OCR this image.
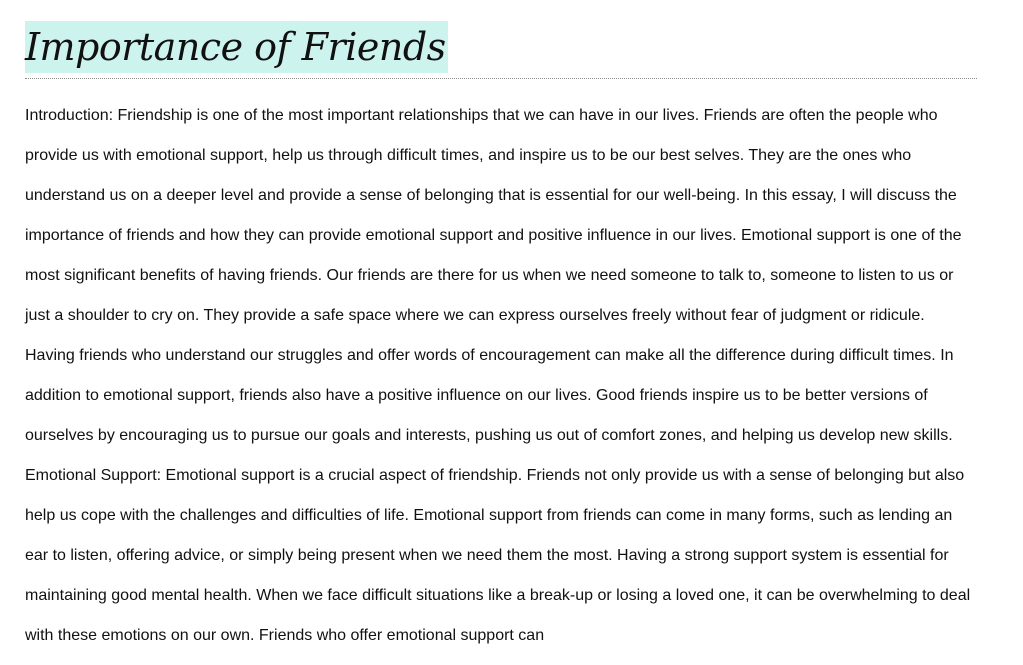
Importance of Friends

Introduction: Friendship is one of the most important relationships that we can have in our lives. Friends are often the people who provide us with emotional support, help us through difficult times, and inspire us to be our best selves. They are the ones who understand us on a deeper level and provide a sense of belonging that is essential for our well-being. In this essay, I will discuss the importance of friends and how they can provide emotional support and positive influence in our lives. Emotional support is one of the most significant benefits of having friends. Our friends are there for us when we need someone to talk to, someone to listen to us or just a shoulder to cry on. They provide a safe space where we can express ourselves freely without fear of judgment or ridicule. Having friends who understand our struggles and offer words of encouragement can make all the difference during difficult times. In addition to emotional support, friends also have a positive influence on our lives. Good friends inspire us to be better versions of ourselves by encouraging us to pursue our goals and interests, pushing us out of comfort zones, and helping us develop new skills. Emotional Support: Emotional support is a crucial aspect of friendship. Friends not only provide us with a sense of belonging but also help us cope with the challenges and difficulties of life. Emotional support from friends can come in many forms, such as lending an ear to listen, offering advice, or simply being present when we need them the most. Having a strong support system is essential for maintaining good mental health. When we face difficult situations like a break-up or losing a loved one, it can be overwhelming to deal with these emotions on our own. Friends who offer emotional support can
